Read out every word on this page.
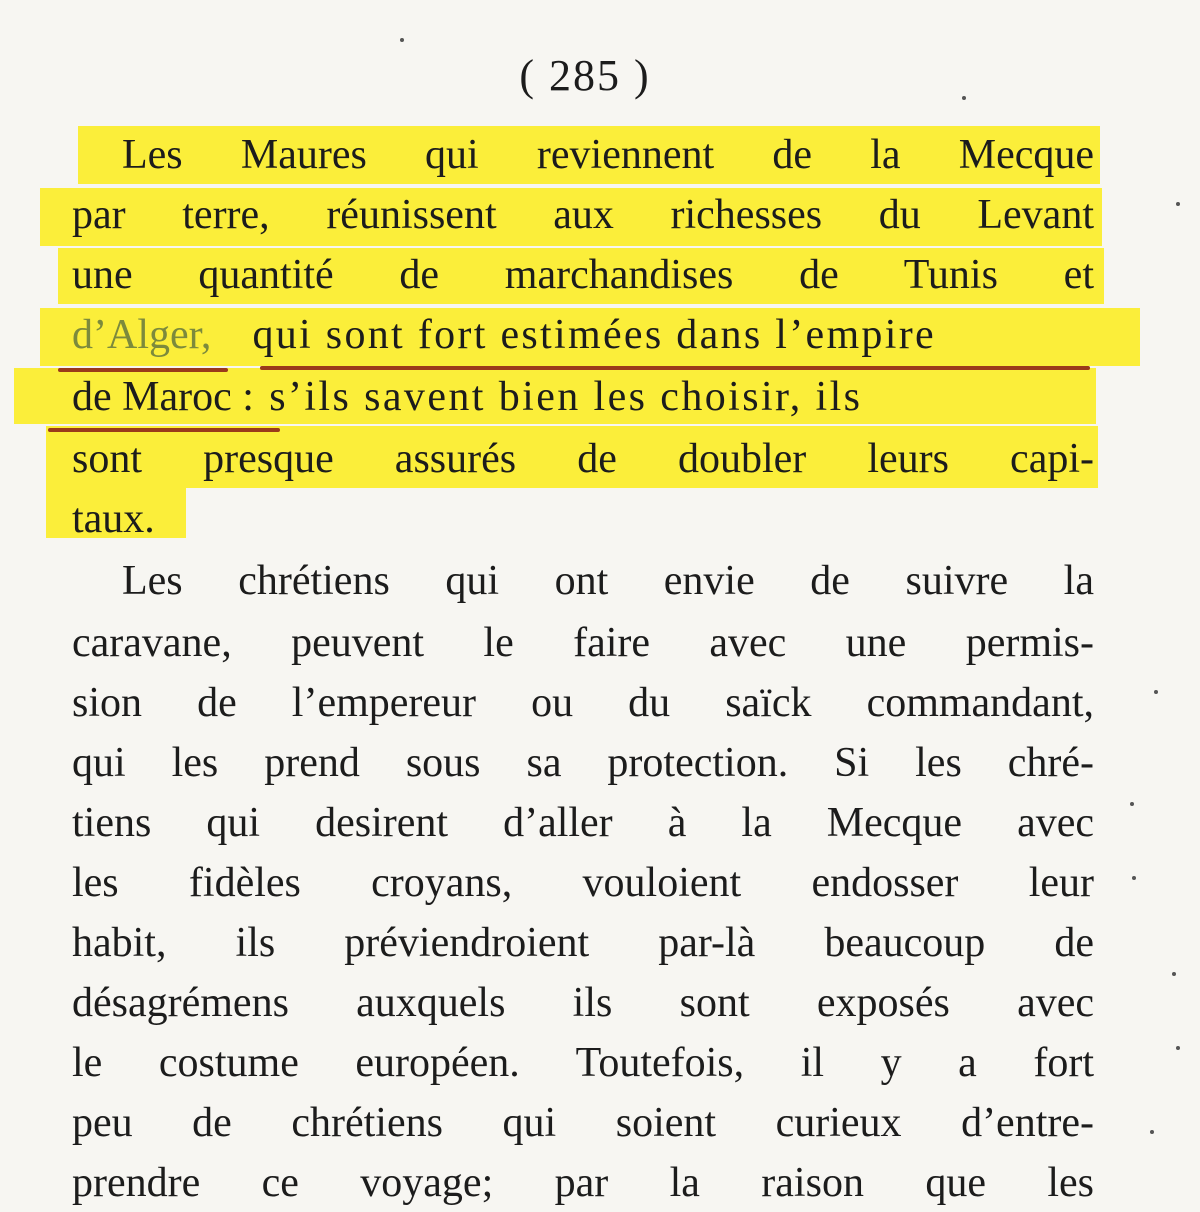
( 285 )
Les Maures qui reviennent de la Mecque
par terre, réunissent aux richesses du Levant
une quantité de marchandises de Tunis et
d’Alger, qui sont fort estimées dans l’empire
de Maroc : s’ils savent bien les choisir, ils
sont presque assurés de doubler leurs capi-
taux.
Les chrétiens qui ont envie de suivre la
caravane, peuvent le faire avec une permis-
sion de l’empereur ou du saïck commandant,
qui les prend sous sa protection. Si les chré-
tiens qui desirent d’aller à la Mecque avec
les fidèles croyans, vouloient endosser leur
habit, ils préviendroient par-là beaucoup de
désagrémens auxquels ils sont exposés avec
le costume européen. Toutefois, il y a fort
peu de chrétiens qui soient curieux d’entre-
prendre ce voyage; par la raison que les
